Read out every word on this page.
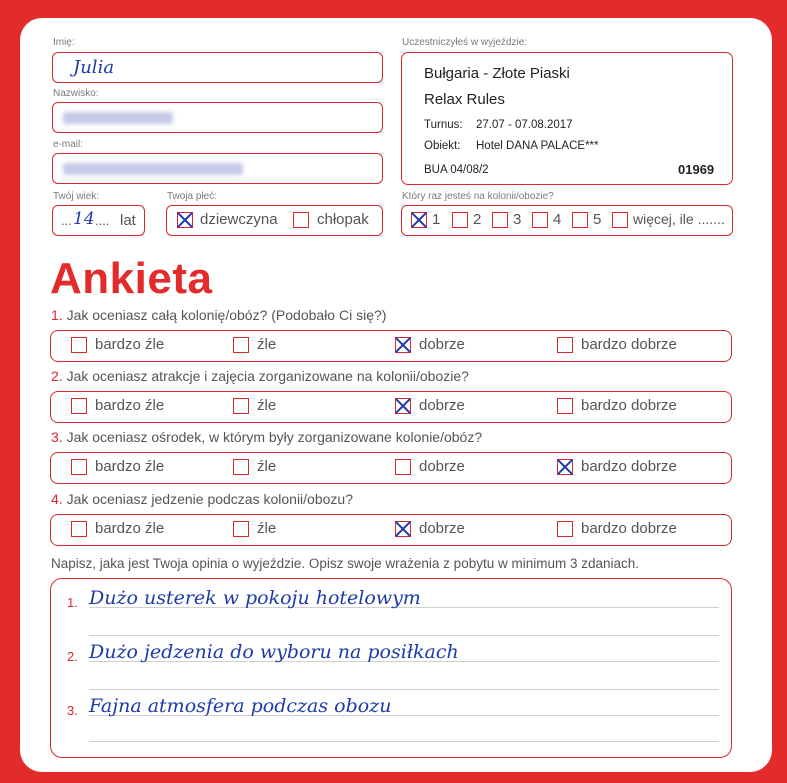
Imię:
Julia
Nazwisko:
e-mail:
Twój wiek:
... 14 .... lat
Twoja płeć:
dziewczyna	chłopak
Uczestniczyłeś w wyjeździe:
Bułgaria - Złote Piaski
Relax Rules
Turnus: 27.07 - 07.08.2017
Obiekt: Hotel DANA PALACE***
BUA 04/08/2	01969
Który raz jesteś na kolonii/obozie?
1 2 3 4 5 więcej, ile .......
Ankieta
1. Jak oceniasz całą kolonię/obóz? (Podobało Ci się?)
bardzo źle	źle	dobrze	bardzo dobrze
2. Jak oceniasz atrakcje i zajęcia zorganizowane na kolonii/obozie?
bardzo źle	źle	dobrze	bardzo dobrze
3. Jak oceniasz ośrodek, w którym były zorganizowane kolonie/obóz?
bardzo źle	źle	dobrze	bardzo dobrze
4. Jak oceniasz jedzenie podczas kolonii/obozu?
bardzo źle	źle	dobrze	bardzo dobrze
Napisz, jaka jest Twoja opinia o wyjeździe. Opisz swoje wrażenia z pobytu w minimum 3 zdaniach.
1. Dużo usterek w pokoju hotelowym
2. Dużo jedzenia do wyboru na posiłkach
3. Fajna atmosfera podczas obozu
